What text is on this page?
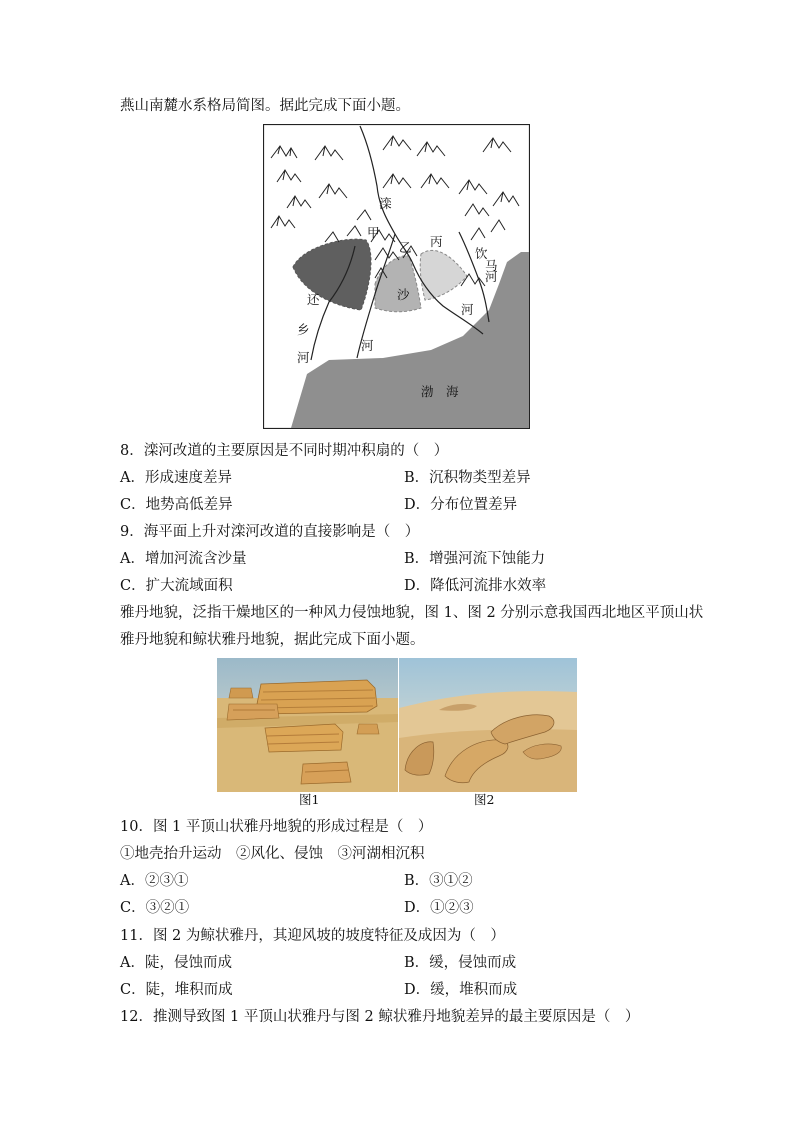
燕山南麓水系格局简图。据此完成下面小题。
滦
甲
乙 丙
饮
马
河
沙
河
还
乡
河
河
渤　海
8．滦河改道的主要原因是不同时期冲积扇的（　）
A．形成速度差异	B．沉积物类型差异
C．地势高低差异	D．分布位置差异
9．海平面上升对滦河改道的直接影响是（　）
A．增加河流含沙量	B．增强河流下蚀能力
C．扩大流域面积	D．降低河流排水效率
雅丹地貌，泛指干燥地区的一种风力侵蚀地貌，图 1、图 2 分别示意我国西北地区平顶山状
雅丹地貌和鲸状雅丹地貌，据此完成下面小题。
图1	图2
10．图 1 平顶山状雅丹地貌的形成过程是（　）
①地壳抬升运动　②风化、侵蚀　③河湖相沉积
A．②③①	B．③①②
C．③②①	D．①②③
11．图 2 为鲸状雅丹，其迎风坡的坡度特征及成因为（　）
A．陡，侵蚀而成	B．缓，侵蚀而成
C．陡，堆积而成	D．缓，堆积而成
12．推测导致图 1 平顶山状雅丹与图 2 鲸状雅丹地貌差异的最主要原因是（　）
